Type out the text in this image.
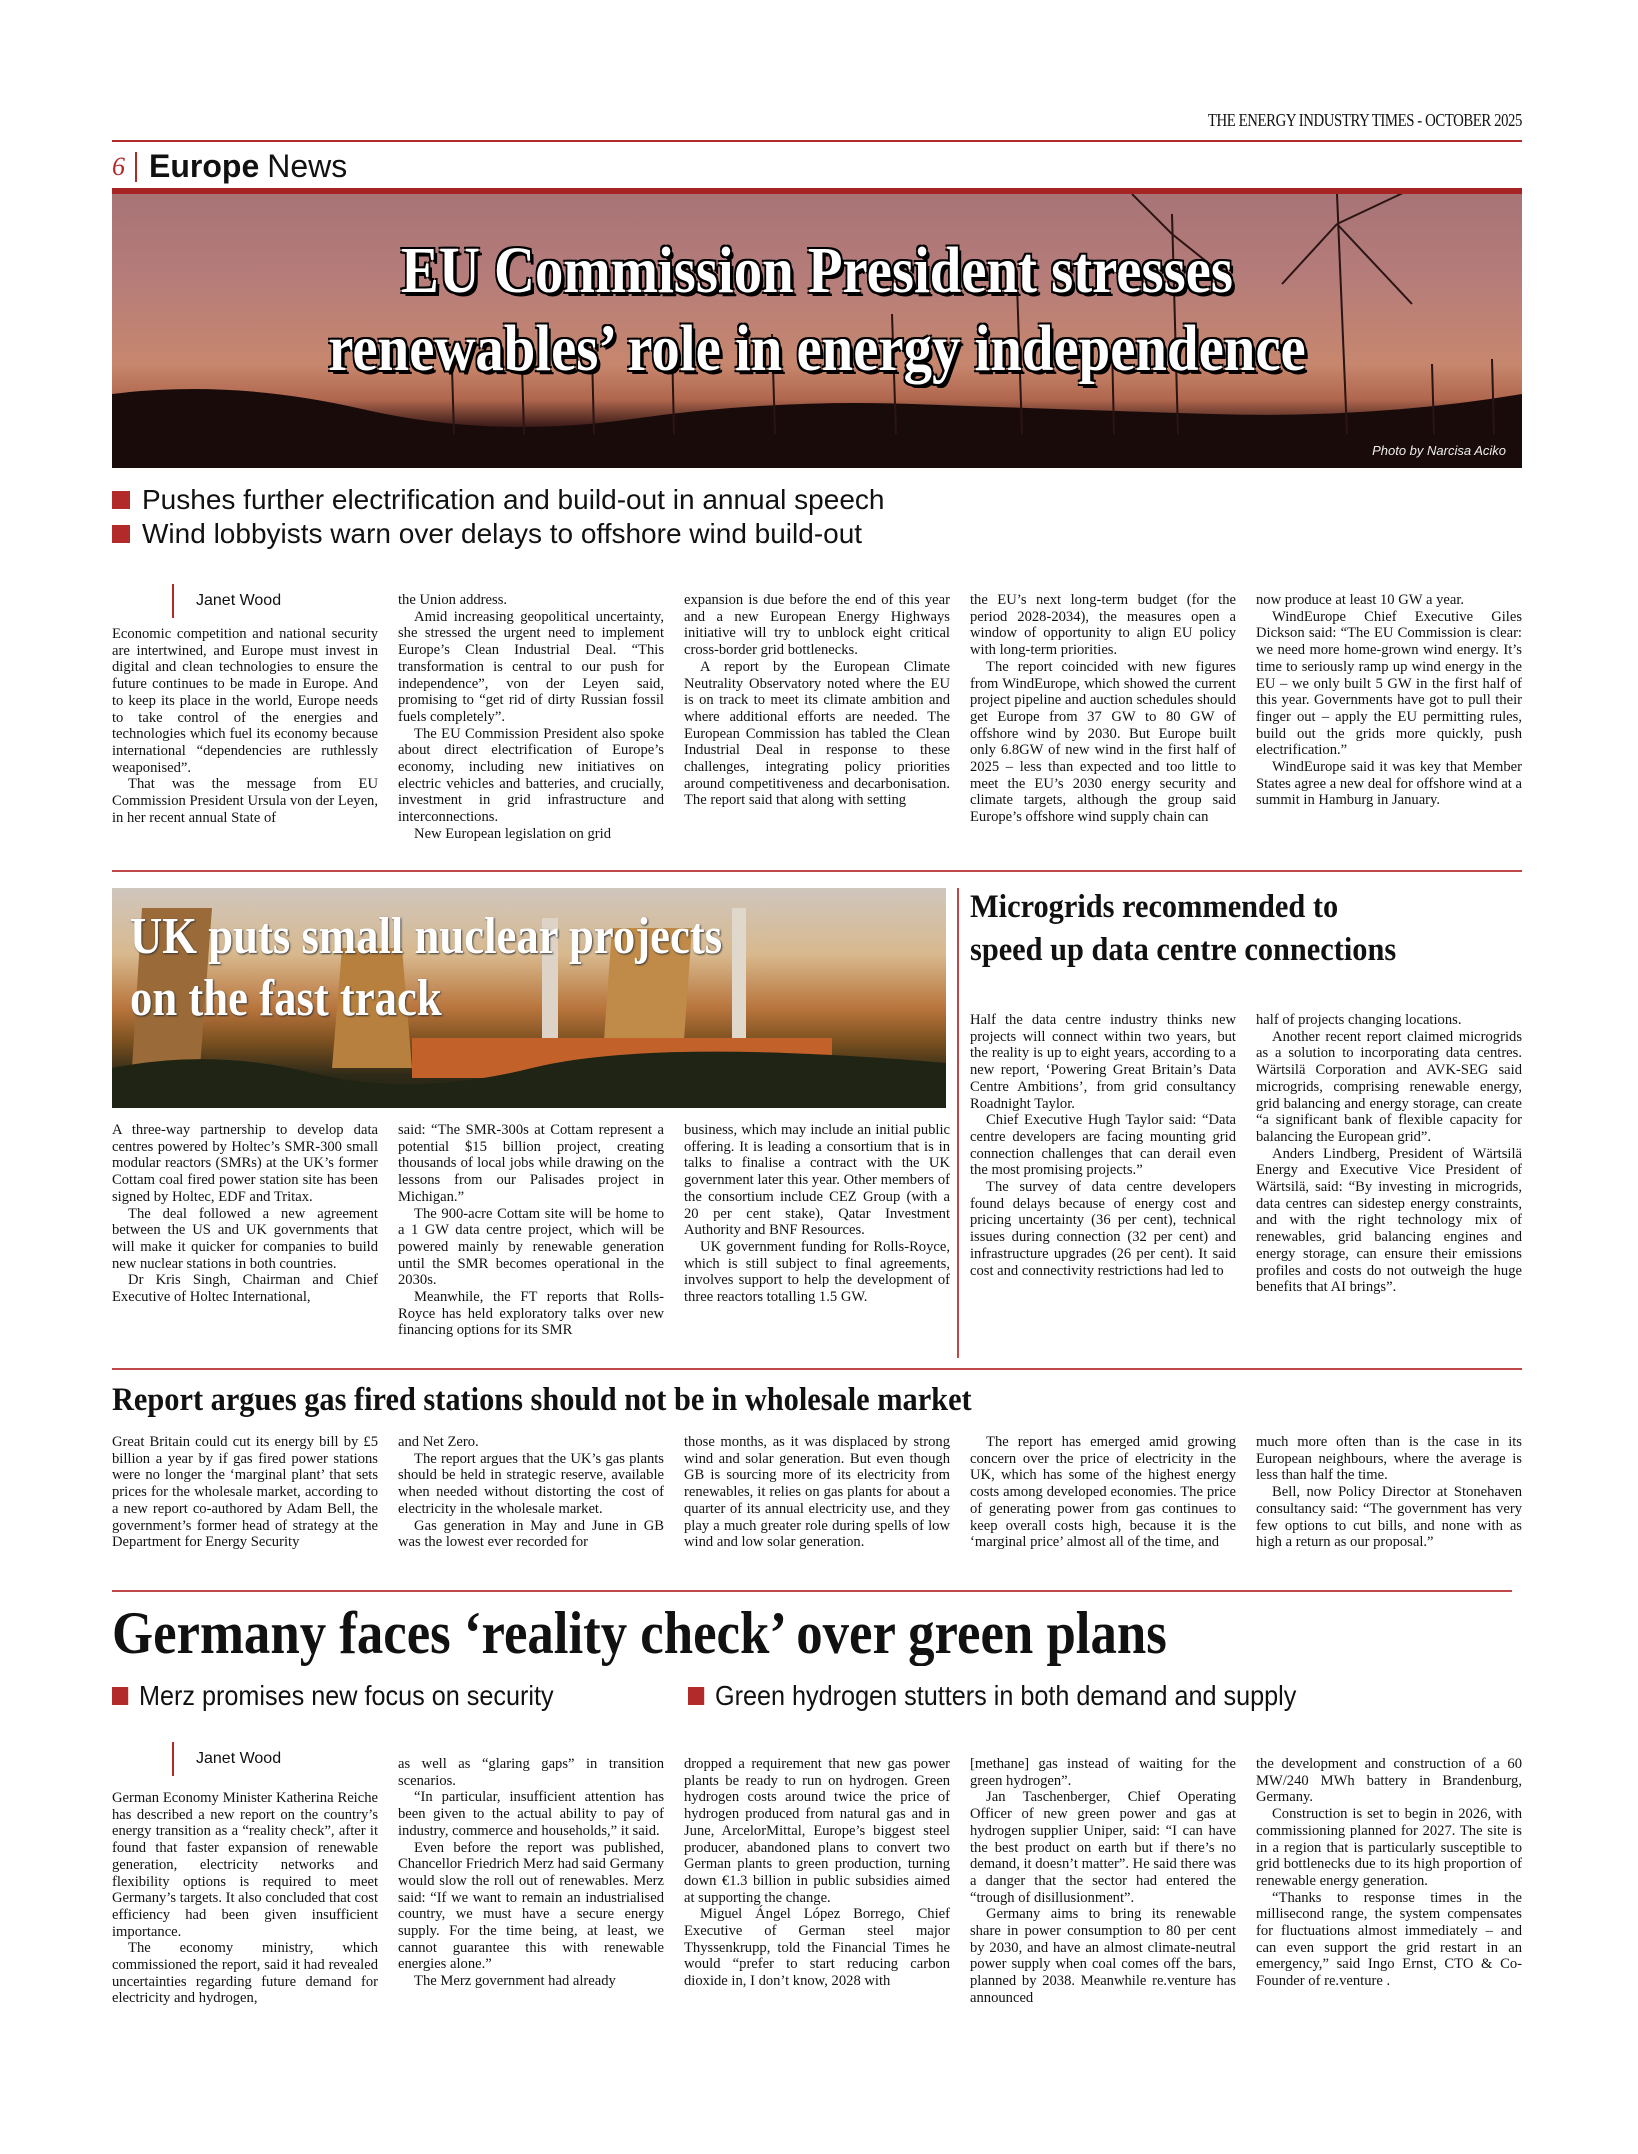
THE ENERGY INDUSTRY TIMES - OCTOBER 2025
6 Europe News
EU Commission President stresses
renewables’ role in energy independence
Photo by Narcisa Aciko
Pushes further electrification and build-out in annual speech
Wind lobbyists warn over delays to offshore wind build-out
Janet Wood

Economic competition and national security are intertwined, and Europe must invest in digital and clean technologies to ensure the future continues to be made in Europe. And to keep its place in the world, Europe needs to take control of the energies and technologies which fuel its economy because international “dependencies are ruthlessly weaponised”.

That was the message from EU Commission President Ursula von der Leyen, in her recent annual State of

the Union address.

Amid increasing geopolitical uncertainty, she stressed the urgent need to implement Europe’s Clean Industrial Deal. “This transformation is central to our push for independence”, von der Leyen said, promising to “get rid of dirty Russian fossil fuels completely”.

The EU Commission President also spoke about direct electrification of Europe’s economy, including new initiatives on electric vehicles and batteries, and crucially, investment in grid infrastructure and interconnections.

New European legislation on grid

expansion is due before the end of this year and a new European Energy Highways initiative will try to unblock eight critical cross-border grid bottlenecks.

A report by the European Climate Neutrality Observatory noted where the EU is on track to meet its climate ambition and where additional efforts are needed. The European Commission has tabled the Clean Industrial Deal in response to these challenges, integrating policy priorities around competitiveness and decarbonisation. The report said that along with setting

the EU’s next long-term budget (for the period 2028-2034), the measures open a window of opportunity to align EU policy with long-term priorities.

The report coincided with new figures from WindEurope, which showed the current project pipeline and auction schedules should get Europe from 37 GW to 80 GW of offshore wind by 2030. But Europe built only 6.8GW of new wind in the first half of 2025 – less than expected and too little to meet the EU’s 2030 energy security and climate targets, although the group said Europe’s offshore wind supply chain can

now produce at least 10 GW a year.

WindEurope Chief Executive Giles Dickson said: “The EU Commission is clear: we need more home-grown wind energy. It’s time to seriously ramp up wind energy in the EU – we only built 5 GW in the first half of this year. Governments have got to pull their finger out – apply the EU permitting rules, build out the grids more quickly, push electrification.”

WindEurope said it was key that Member States agree a new deal for offshore wind at a summit in Hamburg in January.

UK puts small nuclear projects
on the fast track

A three-way partnership to develop data centres powered by Holtec’s SMR-300 small modular reactors (SMRs) at the UK’s former Cottam coal fired power station site has been signed by Holtec, EDF and Tritax.

The deal followed a new agreement between the US and UK governments that will make it quicker for companies to build new nuclear stations in both countries.

Dr Kris Singh, Chairman and Chief Executive of Holtec International,

said: “The SMR-300s at Cottam represent a potential $15 billion project, creating thousands of local jobs while drawing on the lessons from our Palisades project in Michigan.”

The 900-acre Cottam site will be home to a 1 GW data centre project, which will be powered mainly by renewable generation until the SMR becomes operational in the 2030s.

Meanwhile, the FT reports that Rolls-Royce has held exploratory talks over new financing options for its SMR

business, which may include an initial public offering. It is leading a consortium that is in talks to finalise a contract with the UK government later this year. Other members of the consortium include CEZ Group (with a 20 per cent stake), Qatar Investment Authority and BNF Resources.

UK government funding for Rolls-Royce, which is still subject to final agreements, involves support to help the development of three reactors totalling 1.5 GW.

Microgrids recommended to
speed up data centre connections

Half the data centre industry thinks new projects will connect within two years, but the reality is up to eight years, according to a new report, ‘Powering Great Britain’s Data Centre Ambitions’, from grid consultancy Roadnight Taylor.

Chief Executive Hugh Taylor said: “Data centre developers are facing mounting grid connection challenges that can derail even the most promising projects.”

The survey of data centre developers found delays because of energy cost and pricing uncertainty (36 per cent), technical issues during connection (32 per cent) and infrastructure upgrades (26 per cent). It said cost and connectivity restrictions had led to

half of projects changing locations.

Another recent report claimed microgrids as a solution to incorporating data centres. Wärtsilä Corporation and AVK-SEG said microgrids, comprising renewable energy, grid balancing and energy storage, can create “a significant bank of flexible capacity for balancing the European grid”.

Anders Lindberg, President of Wärtsilä Energy and Executive Vice President of Wärtsilä, said: “By investing in microgrids, data centres can sidestep energy constraints, and with the right technology mix of renewables, grid balancing engines and energy storage, can ensure their emissions profiles and costs do not outweigh the huge benefits that AI brings”.

Report argues gas fired stations should not be in wholesale market

Great Britain could cut its energy bill by £5 billion a year by if gas fired power stations were no longer the ‘marginal plant’ that sets prices for the wholesale market, according to a new report co-authored by Adam Bell, the government’s former head of strategy at the Department for Energy Security

and Net Zero.

The report argues that the UK’s gas plants should be held in strategic reserve, available when needed without distorting the cost of electricity in the wholesale market.

Gas generation in May and June in GB was the lowest ever recorded for

those months, as it was displaced by strong wind and solar generation. But even though GB is sourcing more of its electricity from renewables, it relies on gas plants for about a quarter of its annual electricity use, and they play a much greater role during spells of low wind and low solar generation.

The report has emerged amid growing concern over the price of electricity in the UK, which has some of the highest energy costs among developed economies. The price of generating power from gas continues to keep overall costs high, because it is the ‘marginal price’ almost all of the time, and

much more often than is the case in its European neighbours, where the average is less than half the time.

Bell, now Policy Director at Stonehaven consultancy said: “The government has very few options to cut bills, and none with as high a return as our proposal.”

Germany faces ‘reality check’ over green plans
Merz promises new focus on security	Green hydrogen stutters in both demand and supply
Janet Wood

German Economy Minister Katherina Reiche has described a new report on the country’s energy transition as a “reality check”, after it found that faster expansion of renewable generation, electricity networks and flexibility options is required to meet Germany’s targets. It also concluded that cost efficiency had been given insufficient importance.

The economy ministry, which commissioned the report, said it had revealed uncertainties regarding future demand for electricity and hydrogen,

as well as “glaring gaps” in transition scenarios.

“In particular, insufficient attention has been given to the actual ability to pay of industry, commerce and households,” it said.

Even before the report was published, Chancellor Friedrich Merz had said Germany would slow the roll out of renewables. Merz said: “If we want to remain an industrialised country, we must have a secure energy supply. For the time being, at least, we cannot guarantee this with renewable energies alone.”

The Merz government had already

dropped a requirement that new gas power plants be ready to run on hydrogen. Green hydrogen costs around twice the price of hydrogen produced from natural gas and in June, ArcelorMittal, Europe’s biggest steel producer, abandoned plans to convert two German plants to green production, turning down €1.3 billion in public subsidies aimed at supporting the change.

Miguel Ángel López Borrego, Chief Executive of German steel major Thyssenkrupp, told the Financial Times he would “prefer to start reducing carbon dioxide in, I don’t know, 2028 with

[methane] gas instead of waiting for the green hydrogen”.

Jan Taschenberger, Chief Operating Officer of new green power and gas at hydrogen supplier Uniper, said: “I can have the best product on earth but if there’s no demand, it doesn’t matter”. He said there was a danger that the sector had entered the “trough of disillusionment”.

Germany aims to bring its renewable share in power consumption to 80 per cent by 2030, and have an almost climate-neutral power supply when coal comes off the bars, planned by 2038. Meanwhile re.venture has announced

the development and construction of a 60 MW/240 MWh battery in Brandenburg, Germany.

Construction is set to begin in 2026, with commissioning planned for 2027. The site is in a region that is particularly susceptible to grid bottlenecks due to its high proportion of renewable energy generation.

“Thanks to response times in the millisecond range, the system compensates for fluctuations almost immediately – and can even support the grid restart in an emergency,” said Ingo Ernst, CTO & Co-Founder of re.venture .
